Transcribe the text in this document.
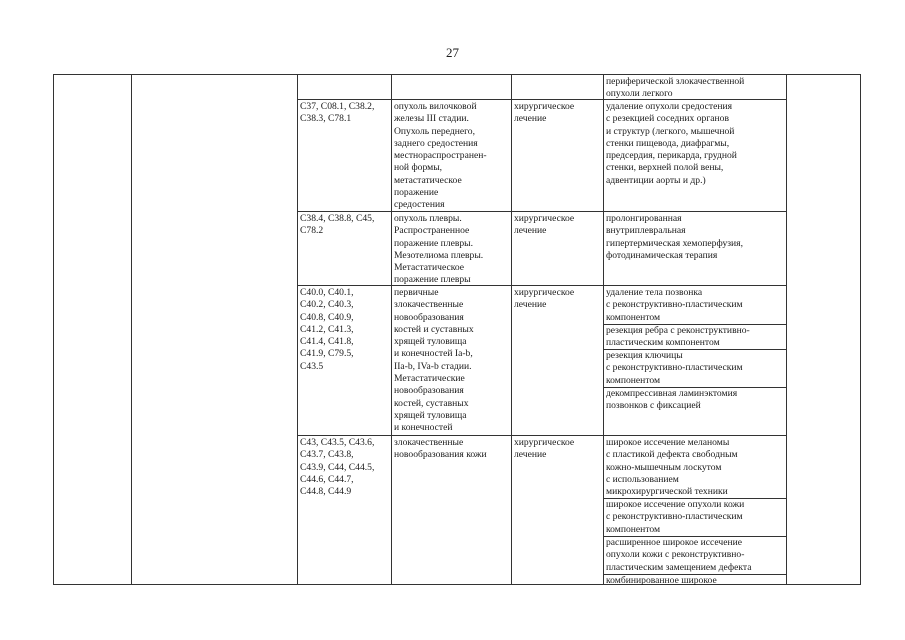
27
периферической злокачественной
опухоли легкого
C37, C08.1, C38.2,
C38.3, C78.1
опухоль вилочковой
железы III стадии.
Опухоль переднего,
заднего средостения
местнораспространен-
ной формы,
метастатическое
поражение
средостения
хирургическое
лечение
удаление опухоли средостения
с резекцией соседних органов
и структур (легкого, мышечной
стенки пищевода, диафрагмы,
предсердия, перикарда, грудной
стенки, верхней полой вены,
адвентиции аорты и др.)
C38.4, C38.8, C45,
C78.2
опухоль плевры.
Распространенное
поражение плевры.
Мезотелиома плевры.
Метастатическое
поражение плевры
хирургическое
лечение
пролонгированная
внутриплевральная
гипертермическая хемоперфузия,
фотодинамическая терапия
C40.0, C40.1,
C40.2, C40.3,
C40.8, C40.9,
C41.2, C41.3,
C41.4, C41.8,
C41.9, C79.5,
C43.5
первичные
злокачественные
новообразования
костей и суставных
хрящей туловища
и конечностей Ia-b,
IIa-b, IVa-b стадии.
Метастатические
новообразования
костей, суставных
хрящей туловища
и конечностей
хирургическое
лечение
удаление тела позвонка
с реконструктивно-пластическим
компонентом
резекция ребра с реконструктивно-
пластическим компонентом
резекция ключицы
с реконструктивно-пластическим
компонентом
декомпрессивная ламинэктомия
позвонков с фиксацией
C43, C43.5, C43.6,
C43.7, C43.8,
C43.9, C44, C44.5,
C44.6, C44.7,
C44.8, C44.9
злокачественные
новообразования кожи
хирургическое
лечение
широкое иссечение меланомы
с пластикой дефекта свободным
кожно-мышечным лоскутом
с использованием
микрохирургической техники
широкое иссечение опухоли кожи
с реконструктивно-пластическим
компонентом
расширенное широкое иссечение
опухоли кожи с реконструктивно-
пластическим замещением дефекта
комбинированное широкое
